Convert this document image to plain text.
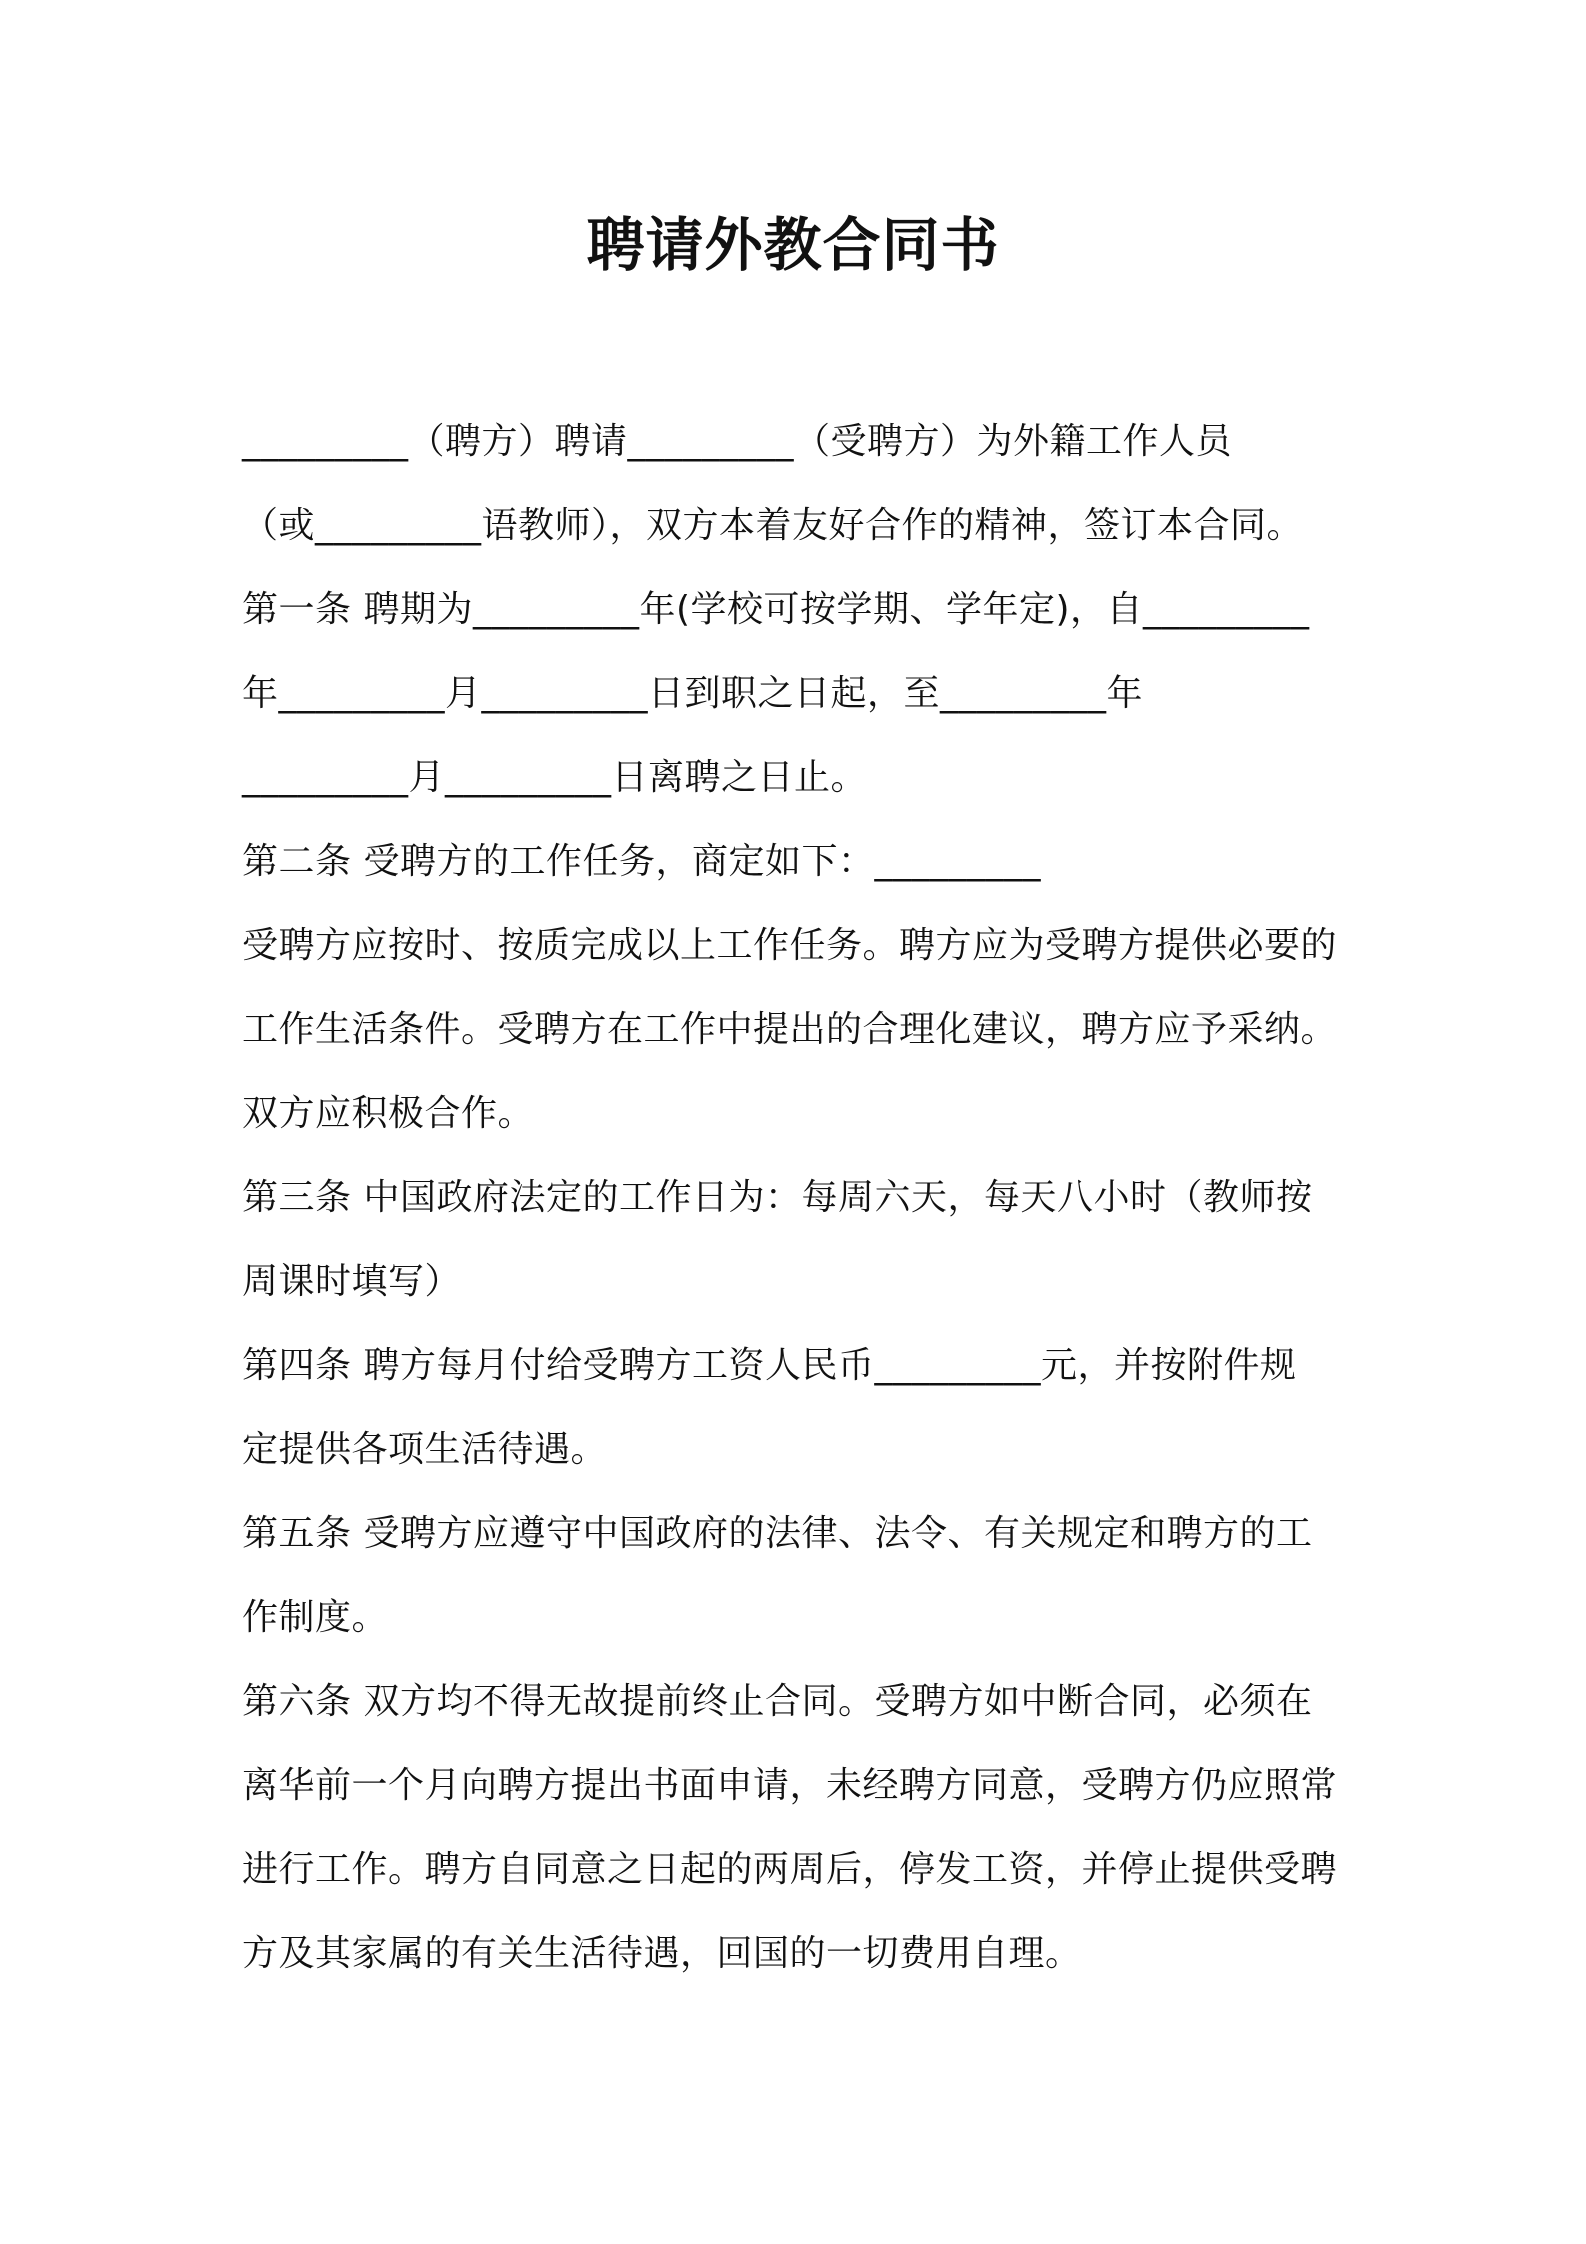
聘请外教合同书
_________（聘方）聘请_________（受聘方）为外籍工作人员
（或_________语教师），双方本着友好合作的精神，签订本合同。
第一条 聘期为_________年(学校可按学期、学年定)，自_________
年_________月_________日到职之日起，至_________年
_________月_________日离聘之日止。
第二条 受聘方的工作任务，商定如下：_________
受聘方应按时、按质完成以上工作任务。聘方应为受聘方提供必要的
工作生活条件。受聘方在工作中提出的合理化建议，聘方应予采纳。
双方应积极合作。
第三条 中国政府法定的工作日为：每周六天，每天八小时（教师按
周课时填写）
第四条 聘方每月付给受聘方工资人民币_________元，并按附件规
定提供各项生活待遇。
第五条 受聘方应遵守中国政府的法律、法令、有关规定和聘方的工
作制度。
第六条 双方均不得无故提前终止合同。受聘方如中断合同，必须在
离华前一个月向聘方提出书面申请，未经聘方同意，受聘方仍应照常
进行工作。聘方自同意之日起的两周后，停发工资，并停止提供受聘
方及其家属的有关生活待遇，回国的一切费用自理。
